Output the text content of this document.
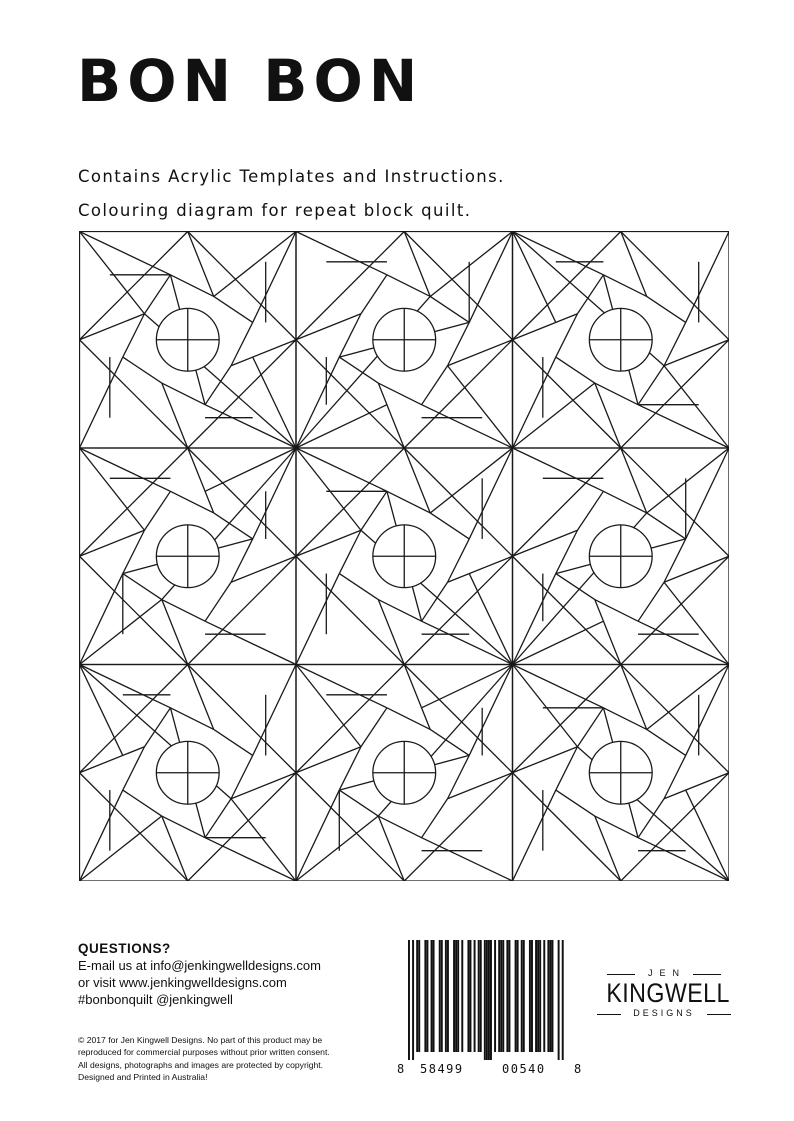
BON BON

Contains Acrylic Templates and Instructions.

Colouring diagram for repeat block quilt.

QUESTIONS?
E-mail us at info@jenkingwelldesigns.com
or visit www.jenkingwelldesigns.com
#bonbonquilt @jenkingwell
© 2017 for Jen Kingwell Designs. No part of this product may be
reproduced for commercial purposes without prior written consent.
All designs, photographs and images are protected by copyright.
Designed and Printed in Australia!
8 58499	00540 8
JEN
KINGWELL
DESIGNS
